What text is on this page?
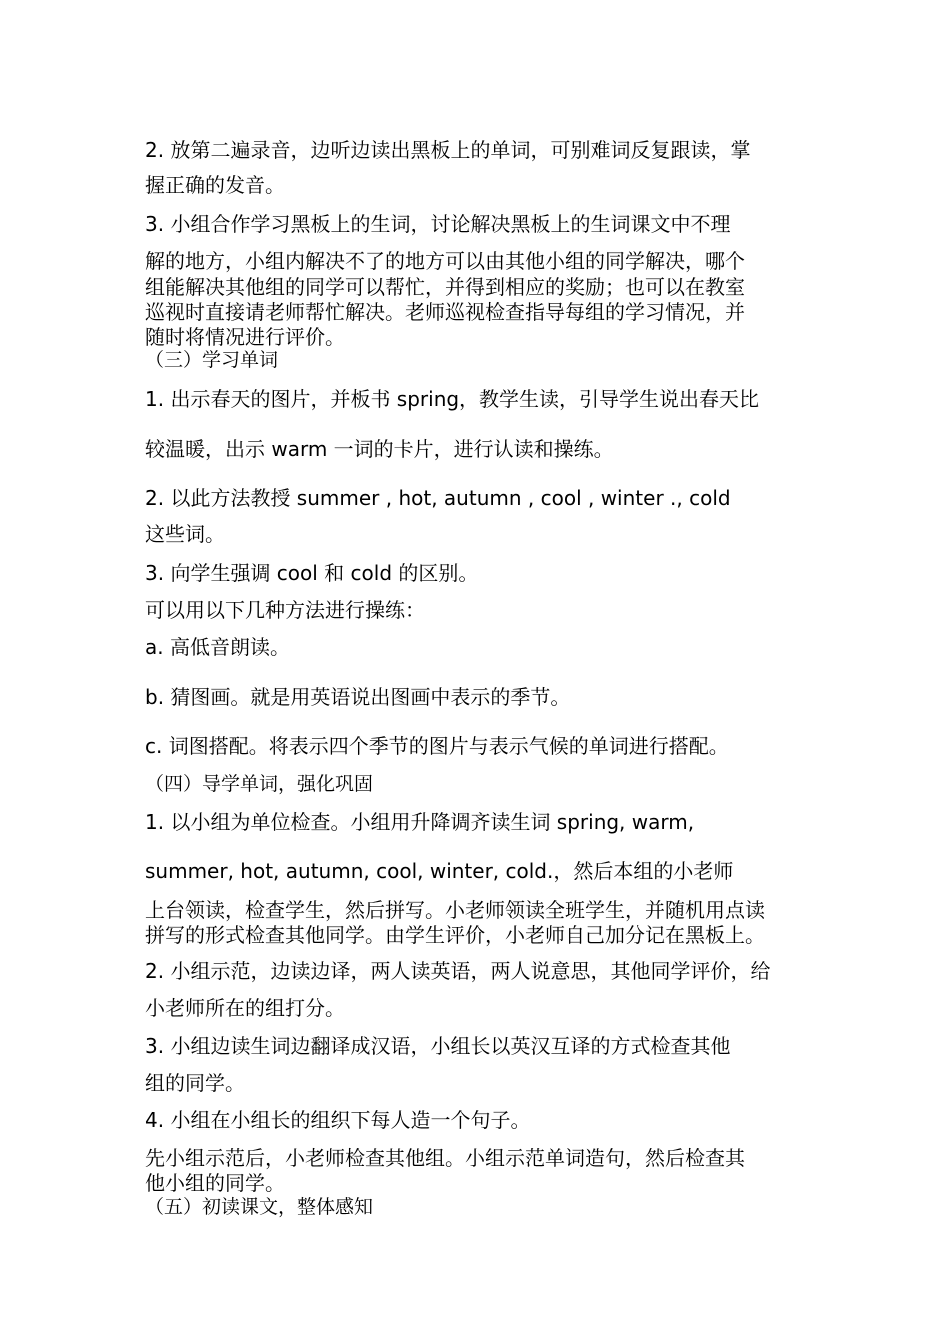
2. 放第二遍录音，边听边读出黑板上的单词，可别难词反复跟读，掌
握正确的发音。
3. 小组合作学习黑板上的生词，讨论解决黑板上的生词课文中不理
解的地方，小组内解决不了的地方可以由其他小组的同学解决，哪个
组能解决其他组的同学可以帮忙，并得到相应的奖励；也可以在教室
巡视时直接请老师帮忙解决。老师巡视检查指导每组的学习情况，并
随时将情况进行评价。
（三）学习单词
1. 出示春天的图片，并板书 spring，教学生读，引导学生说出春天比
较温暖，出示 warm 一词的卡片，进行认读和操练。
2. 以此方法教授 summer , hot, autumn , cool , winter ., cold
这些词。
3. 向学生强调 cool 和 cold 的区别。
可以用以下几种方法进行操练：
a. 高低音朗读。
b. 猜图画。就是用英语说出图画中表示的季节。
c. 词图搭配。将表示四个季节的图片与表示气候的单词进行搭配。
（四）导学单词，强化巩固
1. 以小组为单位检查。小组用升降调齐读生词 spring, warm,
summer, hot, autumn, cool, winter, cold.，然后本组的小老师
上台领读，检查学生，然后拼写。小老师领读全班学生，并随机用点读
拼写的形式检查其他同学。由学生评价，小老师自己加分记在黑板上。
2. 小组示范，边读边译，两人读英语，两人说意思，其他同学评价，给
小老师所在的组打分。
3. 小组边读生词边翻译成汉语，小组长以英汉互译的方式检查其他
组的同学。
4. 小组在小组长的组织下每人造一个句子。
先小组示范后，小老师检查其他组。小组示范单词造句，然后检查其
他小组的同学。
（五）初读课文，整体感知
